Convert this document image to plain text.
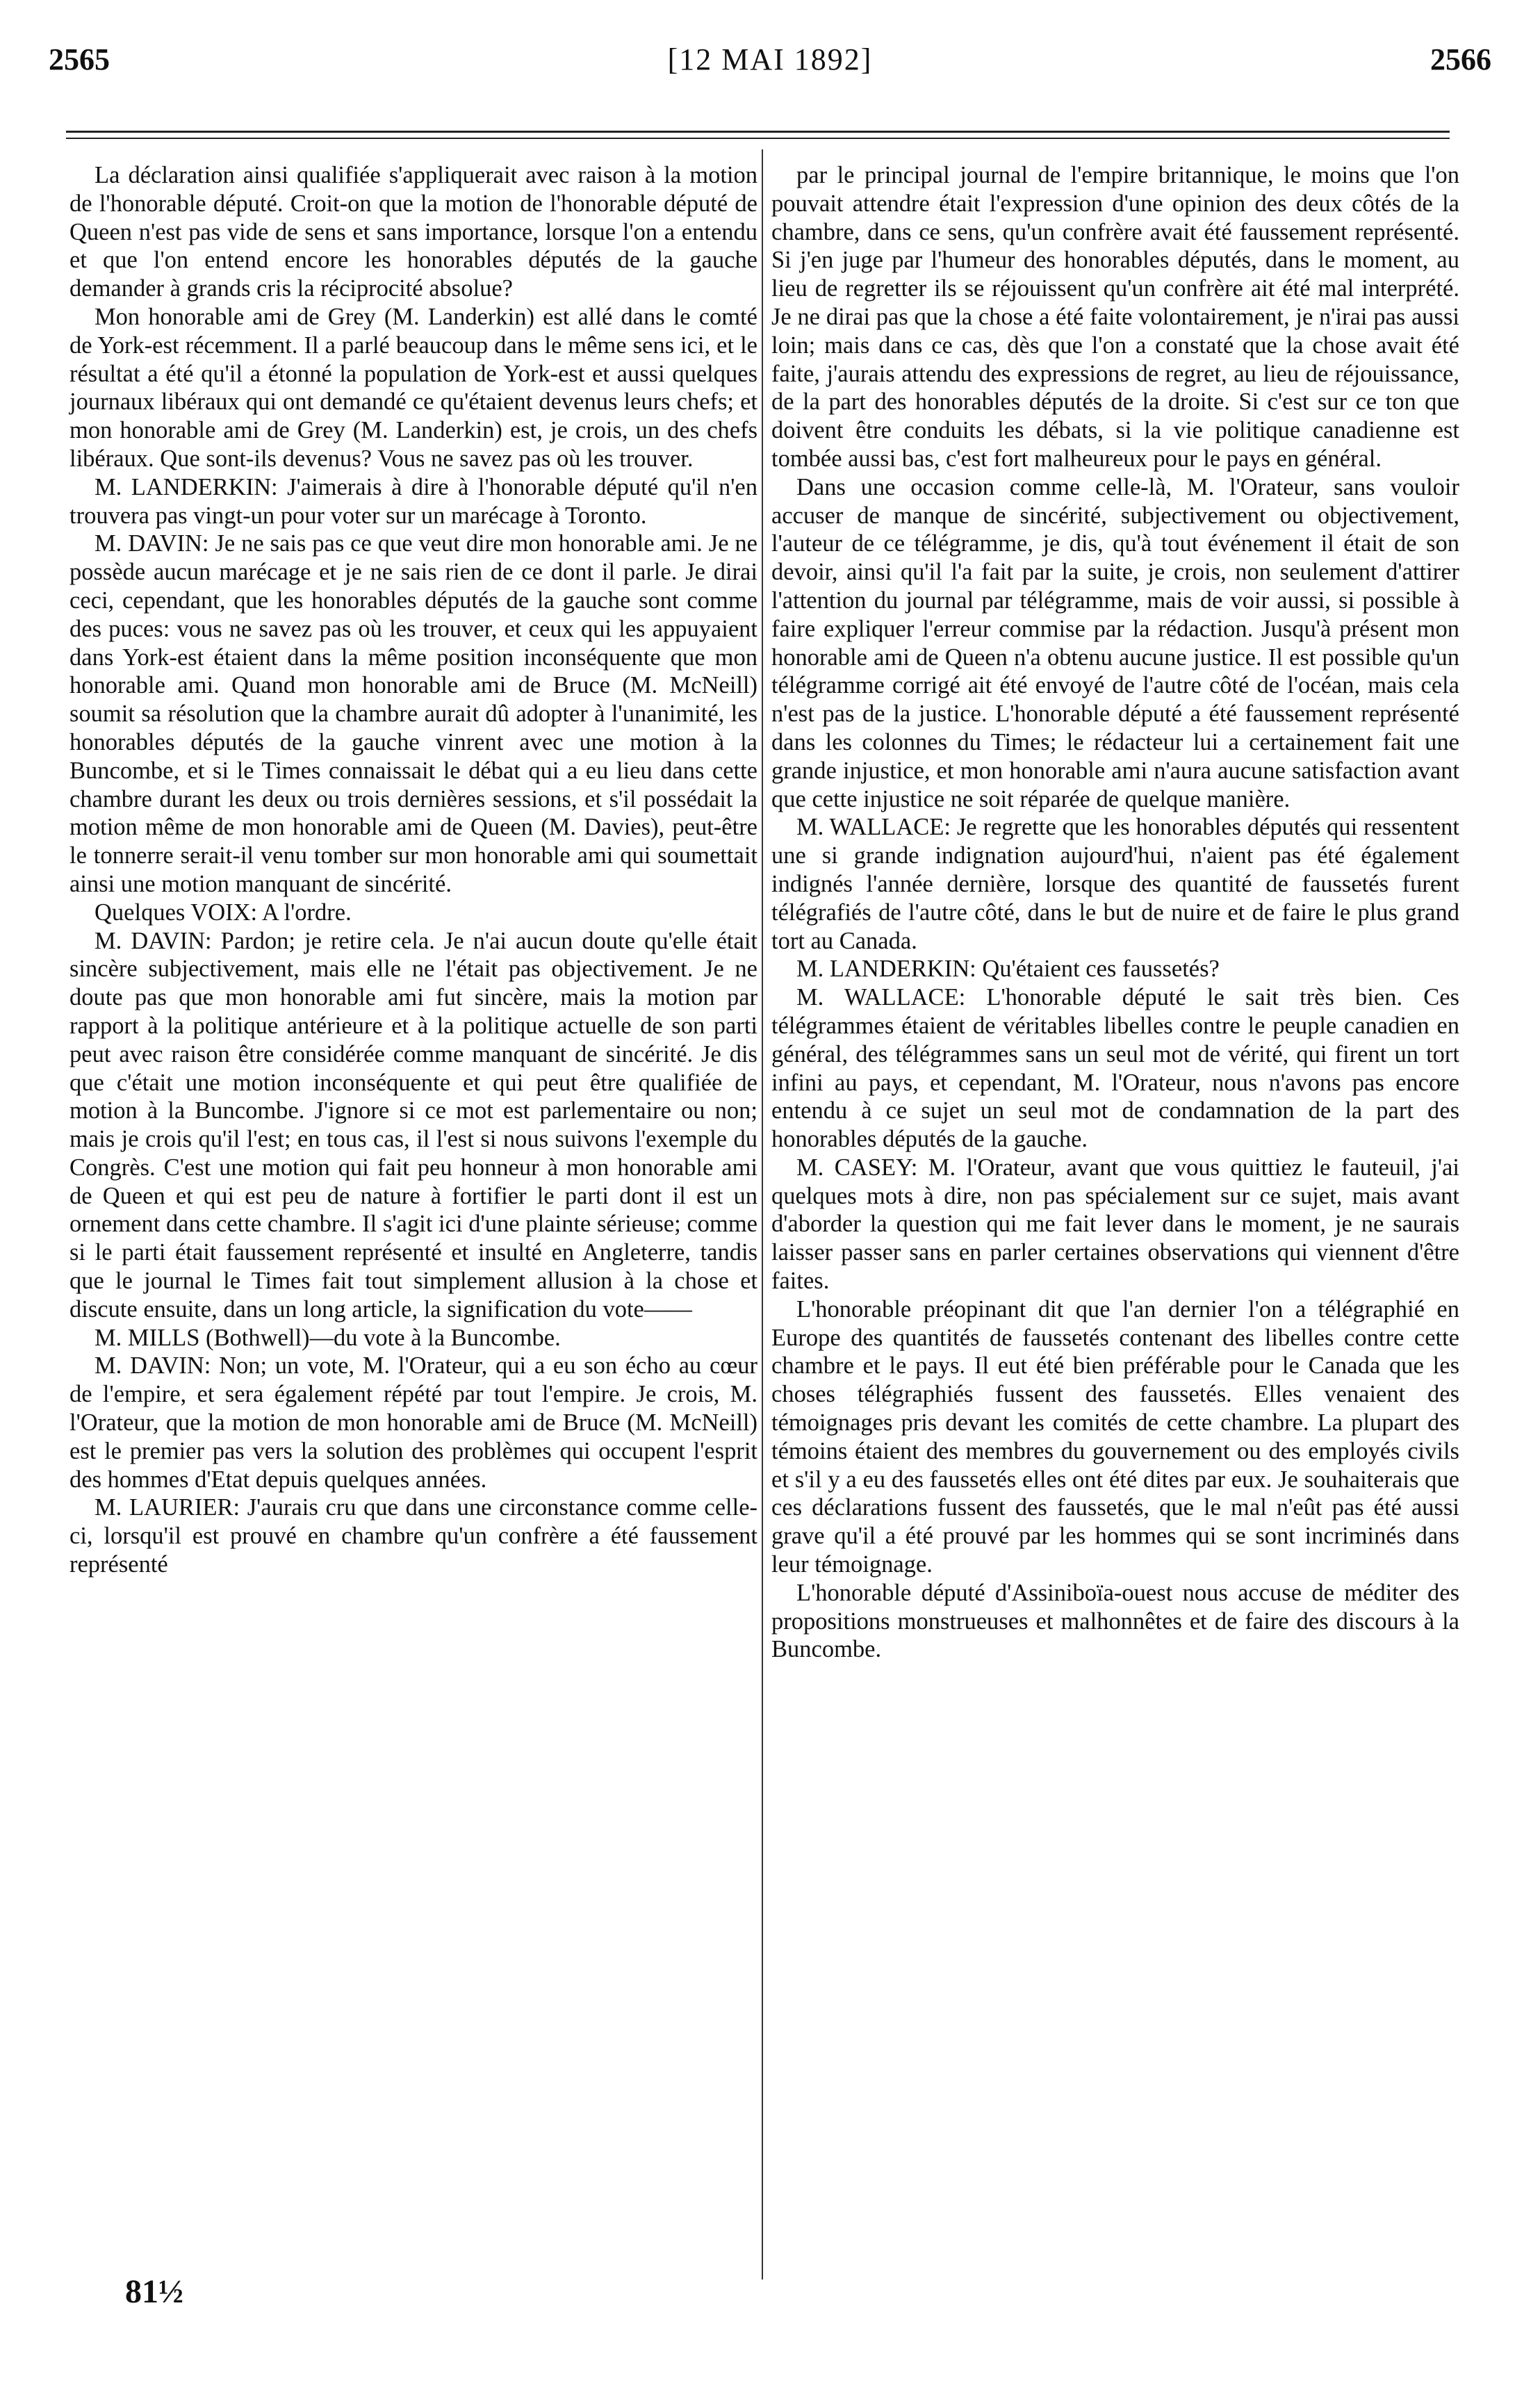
2565	[12 MAI 1892]	2566

La déclaration ainsi qualifiée s'appliquerait avec raison à la motion de l'honorable député. Croit-on que la motion de l'honorable député de Queen n'est pas vide de sens et sans importance, lorsque l'on a entendu et que l'on entend encore les honorables députés de la gauche demander à grands cris la réciprocité absolue?

Mon honorable ami de Grey (M. Landerkin) est allé dans le comté de York-est récemment. Il a parlé beaucoup dans le même sens ici, et le résultat a été qu'il a étonné la population de York-est et aussi quelques journaux libéraux qui ont demandé ce qu'étaient devenus leurs chefs; et mon honorable ami de Grey (M. Landerkin) est, je crois, un des chefs libéraux. Que sont-ils devenus? Vous ne savez pas où les trouver.

M. LANDERKIN: J'aimerais à dire à l'honorable député qu'il n'en trouvera pas vingt-un pour voter sur un marécage à Toronto.

M. DAVIN: Je ne sais pas ce que veut dire mon honorable ami. Je ne possède aucun marécage et je ne sais rien de ce dont il parle. Je dirai ceci, cependant, que les honorables députés de la gauche sont comme des puces: vous ne savez pas où les trouver, et ceux qui les appuyaient dans York-est étaient dans la même position inconséquente que mon honorable ami. Quand mon honorable ami de Bruce (M. McNeill) soumit sa résolution que la chambre aurait dû adopter à l'unanimité, les honorables députés de la gauche vinrent avec une motion à la Buncombe, et si le Times connaissait le débat qui a eu lieu dans cette chambre durant les deux ou trois dernières sessions, et s'il possédait la motion même de mon honorable ami de Queen (M. Davies), peut-être le tonnerre serait-il venu tomber sur mon honorable ami qui soumettait ainsi une motion manquant de sincérité.

Quelques VOIX: A l'ordre.

M. DAVIN: Pardon; je retire cela. Je n'ai aucun doute qu'elle était sincère subjectivement, mais elle ne l'était pas objectivement. Je ne doute pas que mon honorable ami fut sincère, mais la motion par rapport à la politique antérieure et à la politique actuelle de son parti peut avec raison être considérée comme manquant de sincérité. Je dis que c'était une motion inconséquente et qui peut être qualifiée de motion à la Buncombe. J'ignore si ce mot est parlementaire ou non; mais je crois qu'il l'est; en tous cas, il l'est si nous suivons l'exemple du Congrès. C'est une motion qui fait peu honneur à mon honorable ami de Queen et qui est peu de nature à fortifier le parti dont il est un ornement dans cette chambre. Il s'agit ici d'une plainte sérieuse; comme si le parti était faussement représenté et insulté en Angleterre, tandis que le journal le Times fait tout simplement allusion à la chose et discute ensuite, dans un long article, la signification du vote——

M. MILLS (Bothwell)—du vote à la Buncombe.

M. DAVIN: Non; un vote, M. l'Orateur, qui a eu son écho au cœur de l'empire, et sera également répété par tout l'empire. Je crois, M. l'Orateur, que la motion de mon honorable ami de Bruce (M. McNeill) est le premier pas vers la solution des problèmes qui occupent l'esprit des hommes d'Etat depuis quelques années.

M. LAURIER: J'aurais cru que dans une circonstance comme celle-ci, lorsqu'il est prouvé en chambre qu'un confrère a été faussement représenté

par le principal journal de l'empire britannique, le moins que l'on pouvait attendre était l'expression d'une opinion des deux côtés de la chambre, dans ce sens, qu'un confrère avait été faussement représenté. Si j'en juge par l'humeur des honorables députés, dans le moment, au lieu de regretter ils se réjouissent qu'un confrère ait été mal interprété. Je ne dirai pas que la chose a été faite volontairement, je n'irai pas aussi loin; mais dans ce cas, dès que l'on a constaté que la chose avait été faite, j'aurais attendu des expressions de regret, au lieu de réjouissance, de la part des honorables députés de la droite. Si c'est sur ce ton que doivent être conduits les débats, si la vie politique canadienne est tombée aussi bas, c'est fort malheureux pour le pays en général.

Dans une occasion comme celle-là, M. l'Orateur, sans vouloir accuser de manque de sincérité, subjectivement ou objectivement, l'auteur de ce télégramme, je dis, qu'à tout événement il était de son devoir, ainsi qu'il l'a fait par la suite, je crois, non seulement d'attirer l'attention du journal par télégramme, mais de voir aussi, si possible à faire expliquer l'erreur commise par la rédaction. Jusqu'à présent mon honorable ami de Queen n'a obtenu aucune justice. Il est possible qu'un télégramme corrigé ait été envoyé de l'autre côté de l'océan, mais cela n'est pas de la justice. L'honorable député a été faussement représenté dans les colonnes du Times; le rédacteur lui a certainement fait une grande injustice, et mon honorable ami n'aura aucune satisfaction avant que cette injustice ne soit réparée de quelque manière.

M. WALLACE: Je regrette que les honorables députés qui ressentent une si grande indignation aujourd'hui, n'aient pas été également indignés l'année dernière, lorsque des quantité de faussetés furent télégrafiés de l'autre côté, dans le but de nuire et de faire le plus grand tort au Canada.

M. LANDERKIN: Qu'étaient ces faussetés?

M. WALLACE: L'honorable député le sait très bien. Ces télégrammes étaient de véritables libelles contre le peuple canadien en général, des télégrammes sans un seul mot de vérité, qui firent un tort infini au pays, et cependant, M. l'Orateur, nous n'avons pas encore entendu à ce sujet un seul mot de condamnation de la part des honorables députés de la gauche.

M. CASEY: M. l'Orateur, avant que vous quittiez le fauteuil, j'ai quelques mots à dire, non pas spécialement sur ce sujet, mais avant d'aborder la question qui me fait lever dans le moment, je ne saurais laisser passer sans en parler certaines observations qui viennent d'être faites.

L'honorable préopinant dit que l'an dernier l'on a télégraphié en Europe des quantités de faussetés contenant des libelles contre cette chambre et le pays. Il eut été bien préférable pour le Canada que les choses télégraphiés fussent des faussetés. Elles venaient des témoignages pris devant les comités de cette chambre. La plupart des témoins étaient des membres du gouvernement ou des employés civils et s'il y a eu des faussetés elles ont été dites par eux. Je souhaiterais que ces déclarations fussent des faussetés, que le mal n'eût pas été aussi grave qu'il a été prouvé par les hommes qui se sont incriminés dans leur témoignage.

L'honorable député d'Assiniboïa-ouest nous accuse de méditer des propositions monstrueuses et malhonnêtes et de faire des discours à la Buncombe.

81½
